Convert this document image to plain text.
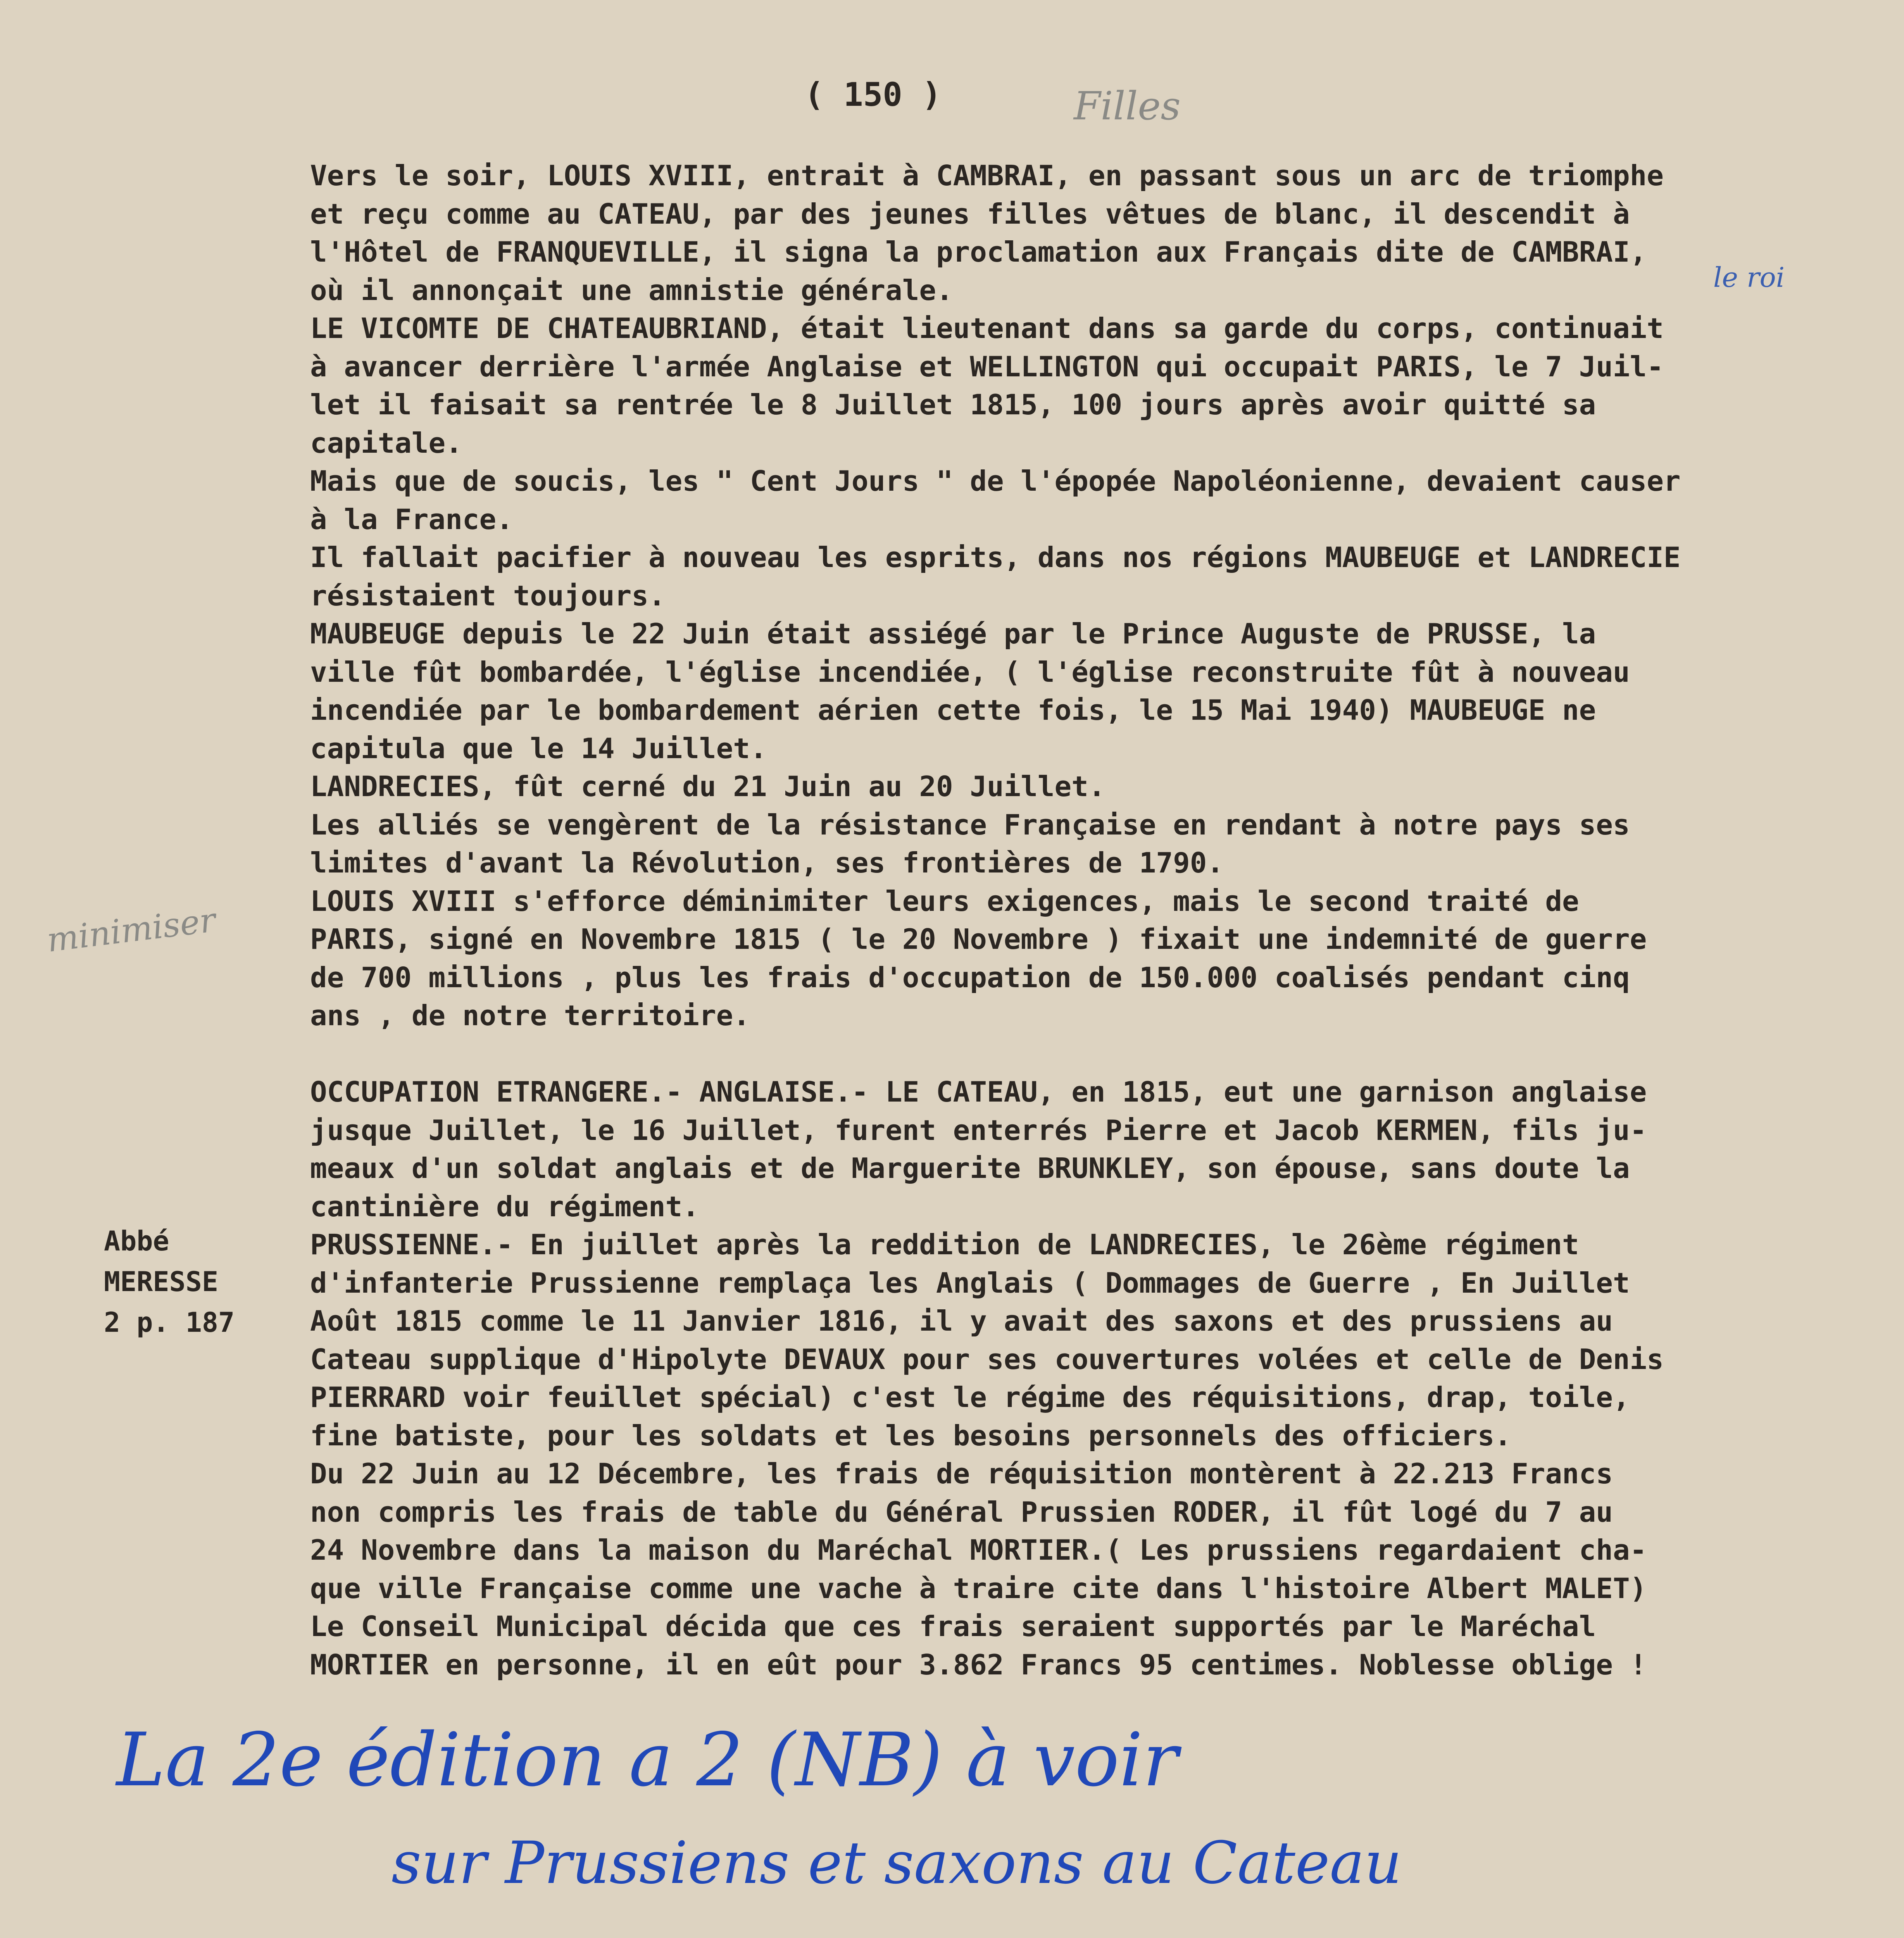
( 150 )	Filles
le roi
minimiser
Vers le soir, LOUIS XVIII, entrait à CAMBRAI, en passant sous un arc de triomphe
et reçu comme au CATEAU, par des jeunes filles vêtues de blanc, il descendit à
l'Hôtel de FRANQUEVILLE, il signa la proclamation aux Français dite de CAMBRAI,
où il annonçait une amnistie générale.
LE VICOMTE DE CHATEAUBRIAND, était lieutenant dans sa garde du corps, continuait
à avancer derrière l'armée Anglaise et WELLINGTON qui occupait PARIS, le 7 Juil-
let il faisait sa rentrée le 8 Juillet 1815, 100 jours après avoir quitté sa
capitale.
Mais que de soucis, les " Cent Jours " de l'épopée Napoléonienne, devaient causer
à la France.
Il fallait pacifier à nouveau les esprits, dans nos régions MAUBEUGE et LANDRECIE
résistaient toujours.
MAUBEUGE depuis le 22 Juin était assiégé par le Prince Auguste de PRUSSE, la
ville fût bombardée, l'église incendiée, ( l'église reconstruite fût à nouveau
incendiée par le bombardement aérien cette fois, le 15 Mai 1940) MAUBEUGE ne
capitula que le 14 Juillet.
LANDRECIES, fût cerné du 21 Juin au 20 Juillet.
Les alliés se vengèrent de la résistance Française en rendant à notre pays ses
limites d'avant la Révolution, ses frontières de 1790.
LOUIS XVIII s'efforce déminimiter leurs exigences, mais le second traité de
PARIS, signé en Novembre 1815 ( le 20 Novembre ) fixait une indemnité de guerre
de 700 millions , plus les frais d'occupation de 150.000 coalisés pendant cinq
ans , de notre territoire.

OCCUPATION ETRANGERE.- ANGLAISE.- LE CATEAU, en 1815, eut une garnison anglaise
jusque Juillet, le 16 Juillet, furent enterrés Pierre et Jacob KERMEN, fils ju-
meaux d'un soldat anglais et de Marguerite BRUNKLEY, son épouse, sans doute la
cantinière du régiment.
PRUSSIENNE.- En juillet après la reddition de LANDRECIES, le 26ème régiment
d'infanterie Prussienne remplaça les Anglais ( Dommages de Guerre , En Juillet
Août 1815 comme le 11 Janvier 1816, il y avait des saxons et des prussiens au
Cateau supplique d'Hipolyte DEVAUX pour ses couvertures volées et celle de Denis
PIERRARD voir feuillet spécial) c'est le régime des réquisitions, drap, toile,
fine batiste, pour les soldats et les besoins personnels des officiers.
Du 22 Juin au 12 Décembre, les frais de réquisition montèrent à 22.213 Francs
non compris les frais de table du Général Prussien RODER, il fût logé du 7 au
24 Novembre dans la maison du Maréchal MORTIER.( Les prussiens regardaient cha-
que ville Française comme une vache à traire cite dans l'histoire Albert MALET)
Le Conseil Municipal décida que ces frais seraient supportés par le Maréchal
MORTIER en personne, il en eût pour 3.862 Francs 95 centimes. Noblesse oblige !
Abbé
MERESSE
2 p. 187
La 2e édition a 2 (NB) à voir
sur Prussiens et saxons au Cateau
